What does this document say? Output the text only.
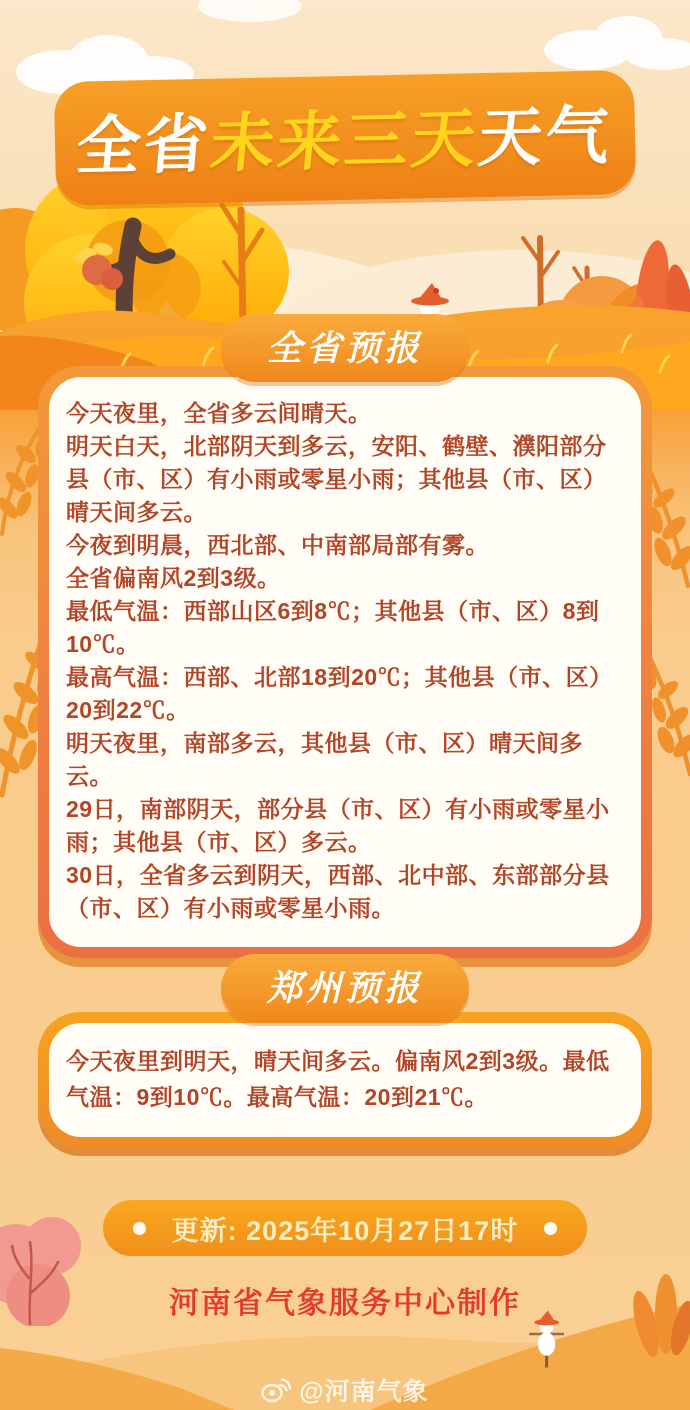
全省未来三天天气
全省预报

今天夜里，全省多云间晴天。

明天白天，北部阴天到多云，安阳、鹤壁、濮阳部分县（市、区）有小雨或零星小雨；其他县（市、区）晴天间多云。

今夜到明晨，西北部、中南部局部有雾。

全省偏南风2到3级。

最低气温：西部山区6到8℃；其他县（市、区）8到10℃。

最高气温：西部、北部18到20℃；其他县（市、区）20到22℃。

明天夜里，南部多云，其他县（市、区）晴天间多云。

29日，南部阴天，部分县（市、区）有小雨或零星小雨；其他县（市、区）多云。

30日，全省多云到阴天，西部、北中部、东部部分县（市、区）有小雨或零星小雨。

郑州预报

今天夜里到明天，晴天间多云。偏南风2到3级。最低气温：9到10℃。最高气温：20到21℃。

更新: 2025年10月27日17时
河南省气象服务中心制作
@河南气象
